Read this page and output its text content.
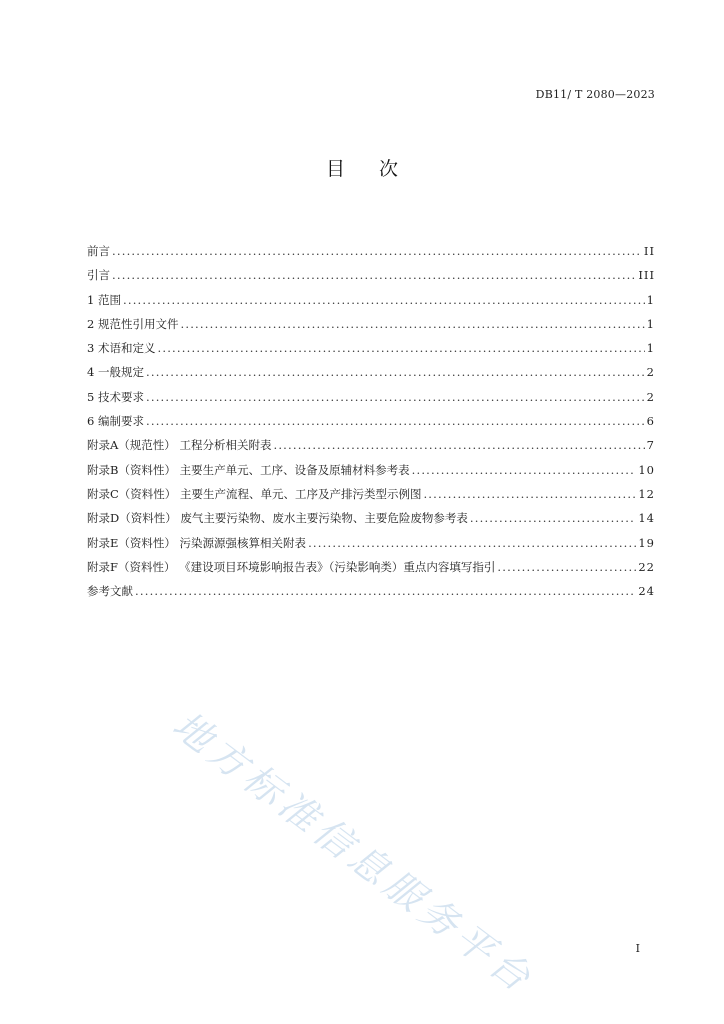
DB11/ T 2080—2023
目 次
前言 .....	II
引言 .....	III
1 范围 .....	1
2 规范性引用文件 .....	1
3 术语和定义 .....	1
4 一般规定 .....	2
5 技术要求 .....	2
6 编制要求 .....	6
附录A（规范性） 工程分析相关附表 .....	7
附录B（资料性） 主要生产单元、工序、设备及原辅材料参考表 .....	10
附录C（资料性） 主要生产流程、单元、工序及产排污类型示例图 .....	12
附录D（资料性） 废气主要污染物、废水主要污染物、主要危险废物参考表 .....	14
附录E（资料性） 污染源源强核算相关附表 .....	19
附录F（资料性） 《建设项目环境影响报告表》（污染影响类）重点内容填写指引 .....	22
参考文献 .....	24
地方标准信息服务平台	I
